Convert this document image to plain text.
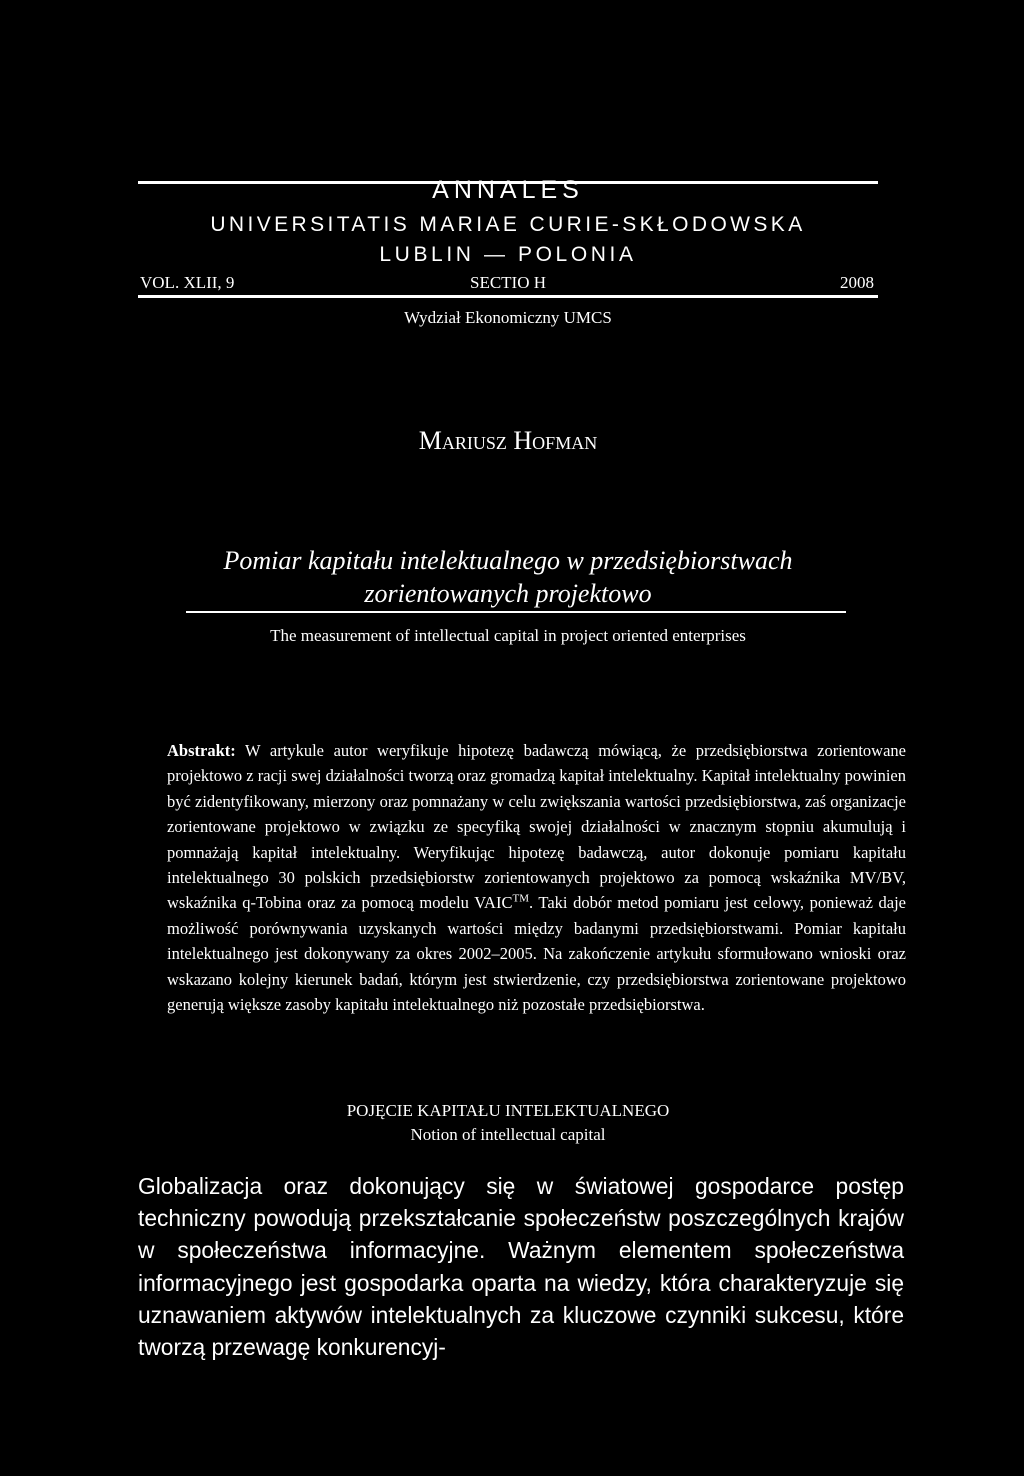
ANNALES
UNIVERSITATIS MARIAE CURIE-SKŁODOWSKA
LUBLIN — POLONIA
SECTIO H
VOL. XLII, 9	2008
Wydział Ekonomiczny UMCS
Mariusz Hofman
Pomiar kapitału intelektualnego w przedsiębiorstwach
zorientowanych projektowo
The measurement of intellectual capital in project oriented enterprises
Abstrakt: W artykule autor weryfikuje hipotezę badawczą mówiącą, że przedsiębiorstwa zorientowane projektowo z racji swej działalności tworzą oraz gromadzą kapitał intelektualny. Kapitał intelektualny powinien być zidentyfikowany, mierzony oraz pomnażany w celu zwiększania wartości przedsiębiorstwa, zaś organizacje zorientowane projektowo w związku ze specyfiką swojej działalności w znacznym stopniu akumulują i pomnażają kapitał intelektualny. Weryfikując hipotezę badawczą, autor dokonuje pomiaru kapitału intelektualnego 30 polskich przedsiębiorstw zorientowanych projektowo za pomocą wskaźnika MV/BV, wskaźnika q-Tobina oraz za pomocą modelu VAIC™. Taki dobór metod pomiaru jest celowy, ponieważ daje możliwość porównywania uzyskanych wartości między badanymi przedsiębiorstwami. Pomiar kapitału intelektualnego jest dokonywany za okres 2002–2005. Na zakończenie artykułu sformułowano wnioski oraz wskazano kolejny kierunek badań, którym jest stwierdzenie, czy przedsiębiorstwa zorientowane projektowo generują większe zasoby kapitału intelektualnego niż pozostałe przedsiębiorstwa.
POJĘCIE KAPITAŁU INTELEKTUALNEGO
Notion of intellectual capital
Globalizacja oraz dokonujący się w światowej gospodarce postęp techniczny powodują przekształcanie społeczeństw poszczególnych krajów w społeczeństwa informacyjne. Ważnym elementem społeczeństwa informacyjnego jest gospodarka oparta na wiedzy, która charakteryzuje się uznawaniem aktywów intelektualnych za kluczowe czynniki sukcesu, które tworzą przewagę konkurencyj-
